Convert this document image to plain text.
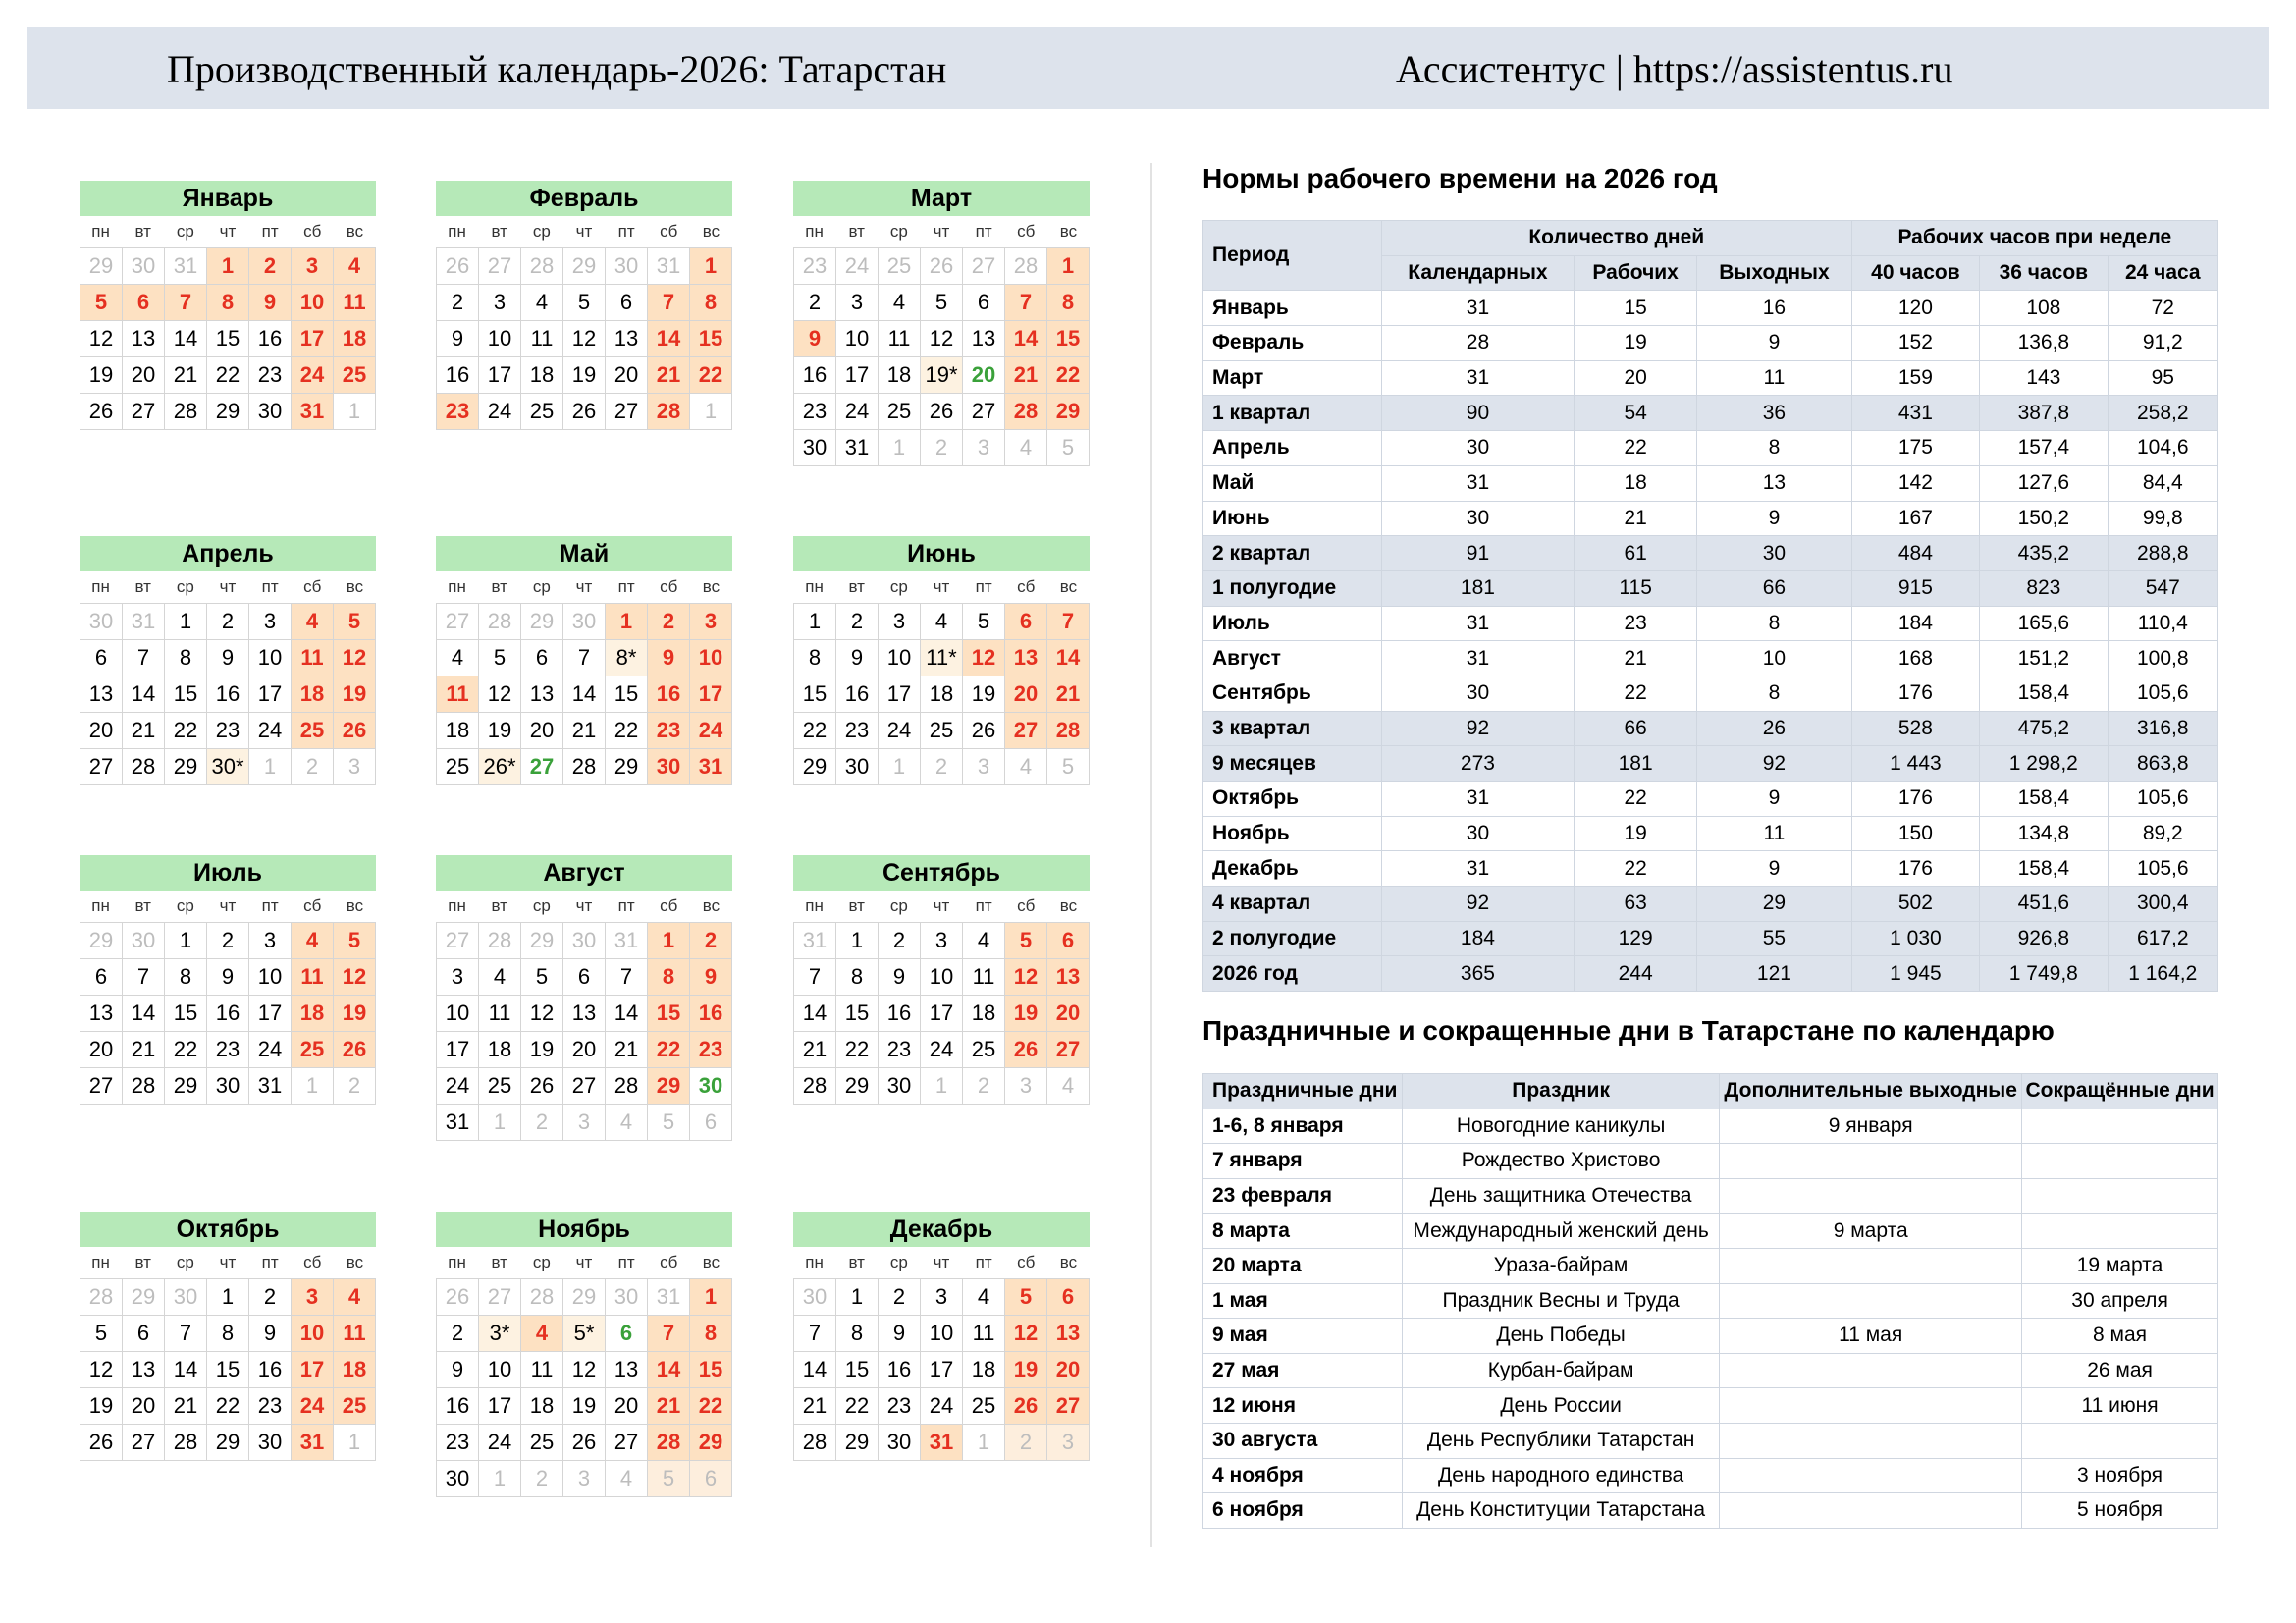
Производственный календарь-2026: Татарстан	Ассистентус | https://assistentus.ru
Январь
пн	вт	ср	чт	пт	сб	вс
29 30 31	1	2	3	4
5	6	7	8	9	10 11
12 13 14 15 16 17 18
19 20 21 22 23 24 25
26 27 28 29 30 31	1
Февраль
пн	вт	ср	чт	пт	сб	вс
26 27 28 29 30 31	1
2	3	4	5	6	7	8
9	10 11 12 13 14 15
16 17 18 19 20 21 22
23 24 25 26 27 28	1
Март
пн	вт	ср	чт	пт	сб	вс
23 24 25 26 27 28	1
2	3	4	5	6	7	8
9	10 11 12 13 14 15
16 17 18 19* 20 21 22
23 24 25 26 27 28 29
30 31	1	2	3	4	5
Апрель
пн	вт	ср	чт	пт	сб	вс
30 31	1	2	3	4	5
6	7	8	9	10 11 12
13 14 15 16 17 18 19
20 21 22 23 24 25 26
27 28 29 30* 1	2	3
Май
пн	вт	ср	чт	пт	сб	вс
27 28 29 30	1	2	3
4	5	6	7	8*	9	10
11 12 13 14 15 16 17
18 19 20 21 22 23 24
25 26* 27 28 29 30 31
Июнь
пн	вт	ср	чт	пт	сб	вс
1	2	3	4	5	6	7
8	9	10 11* 12 13 14
15 16 17 18 19 20 21
22 23 24 25 26 27 28
29 30	1	2	3	4	5
Июль
пн	вт	ср	чт	пт	сб	вс
29 30	1	2	3	4	5
6	7	8	9	10 11 12
13 14 15 16 17 18 19
20 21 22 23 24 25 26
27 28 29 30 31	1	2
Август
пн	вт	ср	чт	пт	сб	вс
27 28 29 30 31	1	2
3	4	5	6	7	8	9
10 11 12 13 14 15 16
17 18 19 20 21 22 23
24 25 26 27 28 29 30
31	1	2	3	4	5	6
Сентябрь
пн	вт	ср	чт	пт	сб	вс
31	1	2	3	4	5	6
7	8	9	10 11 12 13
14 15 16 17 18 19 20
21 22 23 24 25 26 27
28 29 30	1	2	3	4
Октябрь
пн	вт	ср	чт	пт	сб	вс
28 29 30	1	2	3	4
5	6	7	8	9	10 11
12 13 14 15 16 17 18
19 20 21 22 23 24 25
26 27 28 29 30 31	1
Ноябрь
пн	вт	ср	чт	пт	сб	вс
26 27 28 29 30 31	1
2	3*	4	5*	6	7	8
9	10 11 12 13 14 15
16 17 18 19 20 21 22
23 24 25 26 27 28 29
30	1	2	3	4	5	6
Декабрь
пн	вт	ср	чт	пт	сб	вс
30	1	2	3	4	5	6
7	8	9	10 11 12 13
14 15 16 17 18 19 20
21 22 23 24 25 26 27
28 29 30 31	1	2	3
Нормы рабочего времени на 2026 год
Период	Количество дней			Рабочих часов при неделе		
	Календарных	Рабочих	Выходных	40 часов	36 часов	24 часа
Январь	31	15	16	120	108	72
Февраль	28	19	9	152	136,8	91,2
Март	31	20	11	159	143	95
1 квартал	90	54	36	431	387,8	258,2
Апрель	30	22	8	175	157,4	104,6
Май	31	18	13	142	127,6	84,4
Июнь	30	21	9	167	150,2	99,8
2 квартал	91	61	30	484	435,2	288,8
1 полугодие	181	115	66	915	823	547
Июль	31	23	8	184	165,6	110,4
Август	31	21	10	168	151,2	100,8
Сентябрь	30	22	8	176	158,4	105,6
3 квартал	92	66	26	528	475,2	316,8
9 месяцев	273	181	92	1 443	1 298,2	863,8
Октябрь	31	22	9	176	158,4	105,6
Ноябрь	30	19	11	150	134,8	89,2
Декабрь	31	22	9	176	158,4	105,6
4 квартал	92	63	29	502	451,6	300,4
2 полугодие	184	129	55	1 030	926,8	617,2
2026 год	365	244	121	1 945	1 749,8	1 164,2
Праздничные и сокращенные дни в Татарстане по календарю
Праздничные дни	Праздник	Дополнительные выходные	Сокращённые дни
1-6, 8 января	Новогодние каникулы	9 января	
7 января	Рождество Христово		
23 февраля	День защитника Отечества		
8 марта	Международный женский день	9 марта	
20 марта	Ураза-байрам		19 марта
1 мая	Праздник Весны и Труда		30 апреля
9 мая	День Победы	11 мая	8 мая
27 мая	Курбан-байрам		26 мая
12 июня	День России		11 июня
30 августа	День Республики Татарстан		
4 ноября	День народного единства		3 ноября
6 ноября	День Конституции Татарстана		5 ноября
